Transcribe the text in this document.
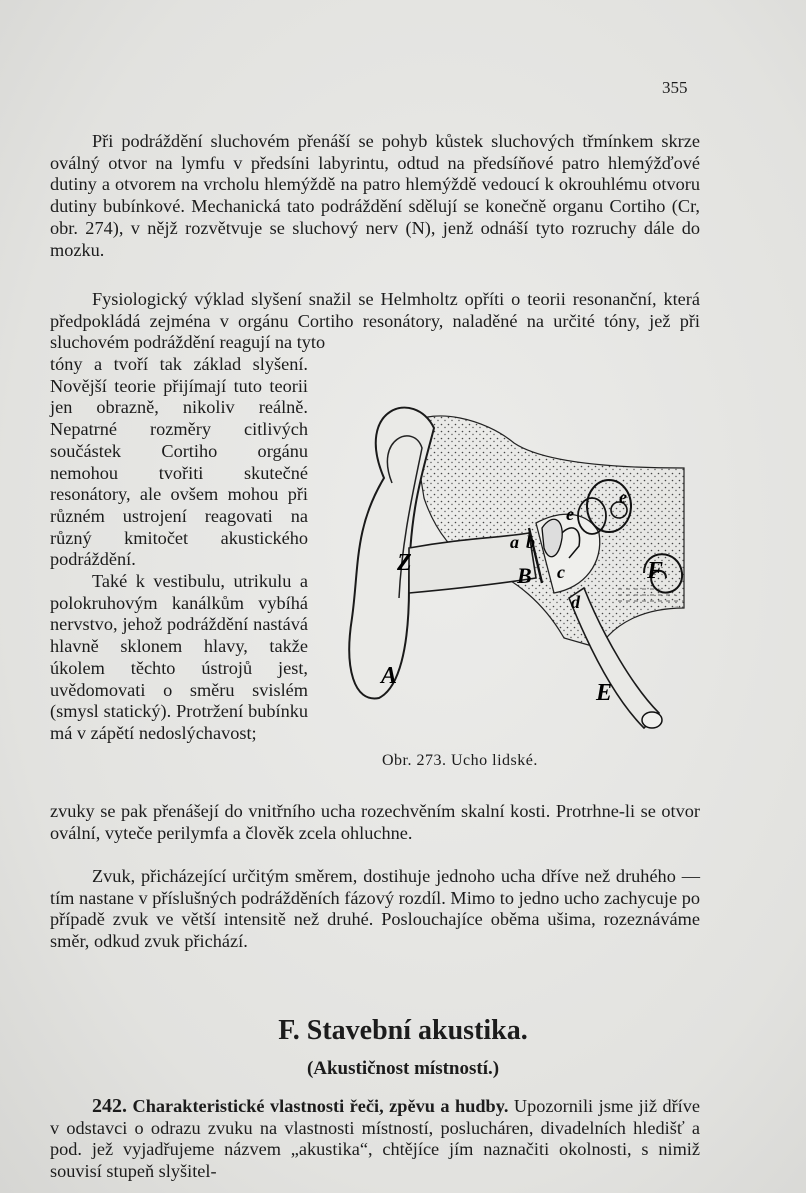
355

Při podráždění sluchovém přenáší se pohyb kůstek sluchových třmínkem skrze oválný otvor na lymfu v předsíni labyrintu, odtud na předsíňové patro hlemýžďové dutiny a otvorem na vrcholu hlemýždě na patro hlemýždě vedoucí k okrouhlému otvoru dutiny bubínkové. Mechanická tato podráždění sdělují se konečně organu Cortiho (Cr, obr. 274), v nějž rozvětvuje se sluchový nerv (N), jenž odnáší tyto rozruchy dále do mozku.

Fysiologický výklad slyšení snažil se Helmholtz opříti o teorii resonanční, která předpokládá zejména v orgánu Cortiho resonátory, naladěné na určité tóny, jež při sluchovém podráždění reagují na tyto

tóny a tvoří tak základ slyšení. Novější teorie přijímají tuto teorii jen obrazně, nikoliv reálně. Nepatrné rozměry citlivých součástek Cortiho orgánu nemohou tvořiti skutečné resonátory, ale ovšem mohou při různém ustrojení reagovati na různý kmitočet akustického podráždění.

Také k vestibulu, utrikulu a polokruhovým kanálkům vybíhá nervstvo, jehož podráždění nastává hlavně sklonem hlavy, takže úkolem těchto ústrojů jest, uvědomovati o směru svislém (smysl statický). Protržení bubínku má v zápětí nedoslýchavost;

Z
A
B
E
F
a b
c
d
e
e
Obr. 273. Ucho lidské.

zvuky se pak přenášejí do vnitřního ucha rozechvěním skalní kosti. Protrhne-li se otvor ovální, vyteče perilymfa a člověk zcela ohluchne.

Zvuk, přicházející určitým směrem, dostihuje jednoho ucha dříve než druhého — tím nastane v příslušných podrážděních fázový rozdíl. Mimo to jedno ucho zachycuje po případě zvuk ve větší intensitě než druhé. Poslouchajíce oběma ušima, rozeznáváme směr, odkud zvuk přichází.

F. Stavební akustika.
(Akustičnost místností.)

242. Charakteristické vlastnosti řeči, zpěvu a hudby. Upozornili jsme již dříve v odstavci o odrazu zvuku na vlastnosti místností, poslucháren, divadelních hledišť a pod. jež vyjadřujeme názvem „akustika“, chtějíce jím naznačiti okolnosti, s nimiž souvisí stupeň slyšitel-
